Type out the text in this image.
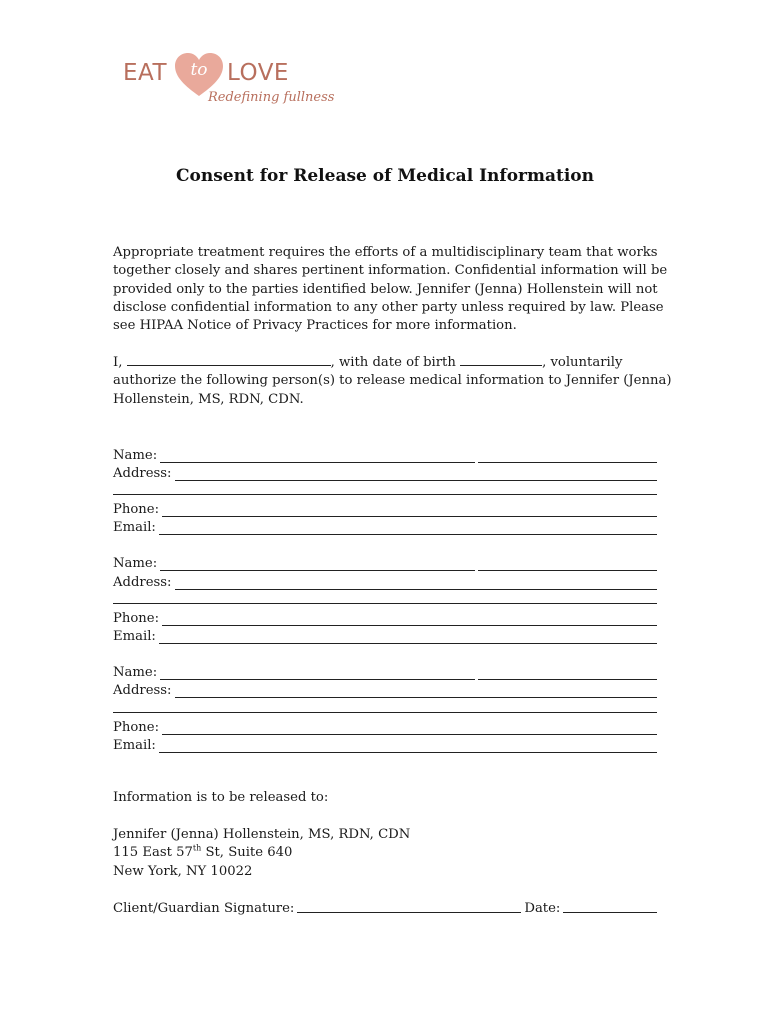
EAT	to LOVE
Redefining fullness
Consent for Release of Medical Information
Appropriate treatment requires the efforts of a multidisciplinary team that works
together closely and shares pertinent information. Confidential information will be
provided only to the parties identified below. Jennifer (Jenna) Hollenstein will not
disclose confidential information to any other party unless required by law. Please
see HIPAA Notice of Privacy Practices for more information.
I,	, with date of birth	, voluntarily
authorize the following person(s) to release medical information to Jennifer (Jenna)
Hollenstein, MS, RDN, CDN.
Name:
Address:
Phone:
Email:
Name:
Address:
Phone:
Email:
Name:
Address:
Phone:
Email:
Information is to be released to:
Jennifer (Jenna) Hollenstein, MS, RDN, CDN
115 East 57th St, Suite 640
New York, NY 10022
Client/Guardian Signature:	Date:
